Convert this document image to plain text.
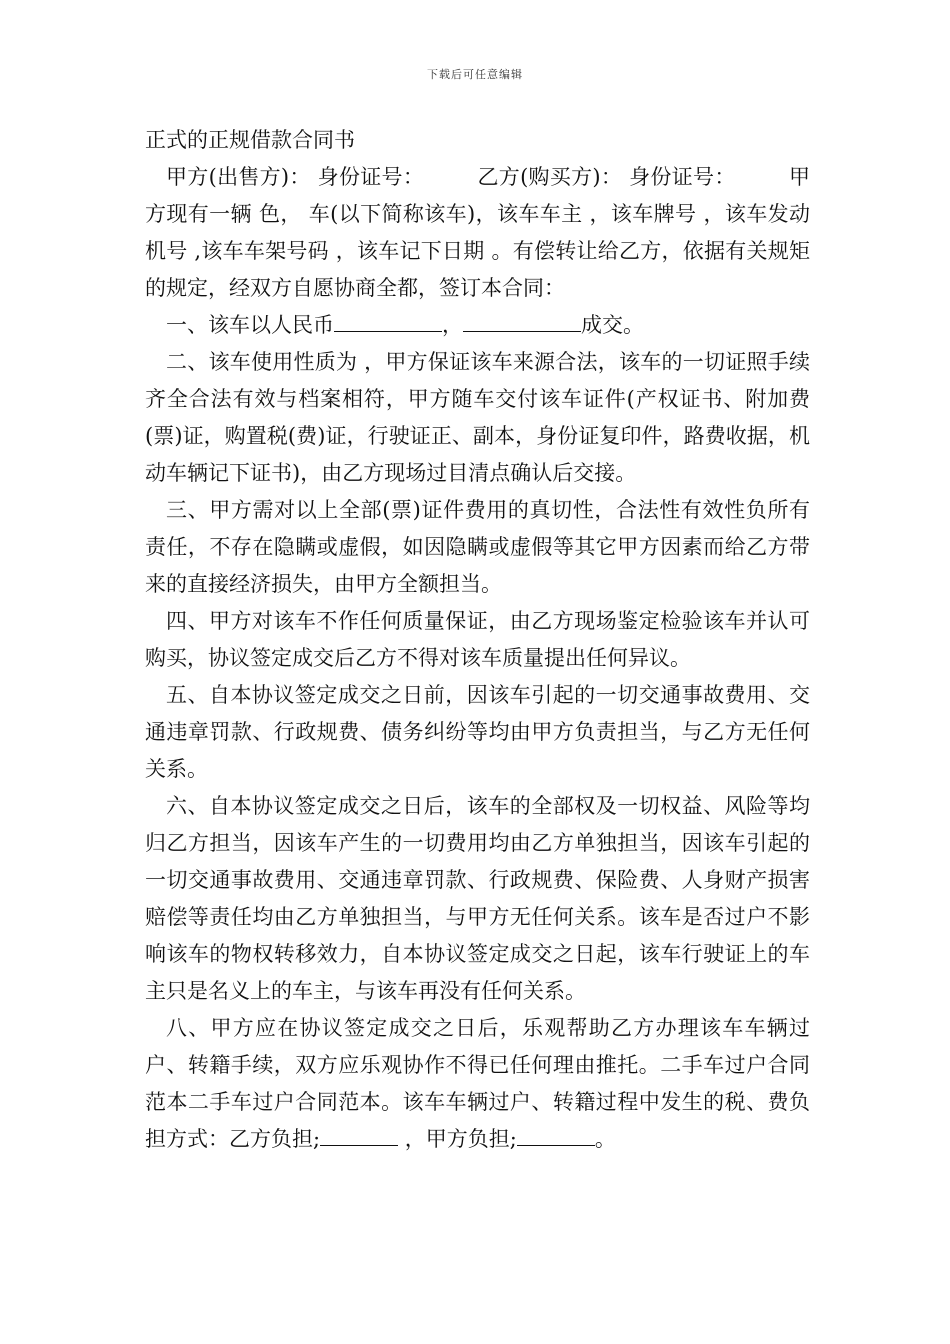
下载后可任意编辑

正式的正规借款合同书

甲方(出售方)： 身份证号：　　　乙方(购买方)： 身份证号：　　　甲方现有一辆 色， 车(以下简称该车)，该车车主 ，该车牌号 ，该车发动机号 ,该车车架号码 ，该车记下日期 。有偿转让给乙方，依据有关规矩的规定，经双方自愿协商全都，签订本合同：

一、该车以人民币	，	成交。

二、该车使用性质为 ，甲方保证该车来源合法，该车的一切证照手续齐全合法有效与档案相符，甲方随车交付该车证件(产权证书、附加费(票)证，购置税(费)证，行驶证正、副本，身份证复印件，路费收据，机动车辆记下证书)，由乙方现场过目清点确认后交接。

三、甲方需对以上全部(票)证件费用的真切性，合法性有效性负所有责任，不存在隐瞒或虚假，如因隐瞒或虚假等其它甲方因素而给乙方带来的直接经济损失，由甲方全额担当。

四、甲方对该车不作任何质量保证，由乙方现场鉴定检验该车并认可购买，协议签定成交后乙方不得对该车质量提出任何异议。

五、自本协议签定成交之日前，因该车引起的一切交通事故费用、交通违章罚款、行政规费、债务纠纷等均由甲方负责担当，与乙方无任何关系。

六、自本协议签定成交之日后，该车的全部权及一切权益、风险等均归乙方担当，因该车产生的一切费用均由乙方单独担当，因该车引起的一切交通事故费用、交通违章罚款、行政规费、保险费、人身财产损害赔偿等责任均由乙方单独担当，与甲方无任何关系。该车是否过户不影响该车的物权转移效力，自本协议签定成交之日起，该车行驶证上的车主只是名义上的车主，与该车再没有任何关系。

八、甲方应在协议签定成交之日后，乐观帮助乙方办理该车车辆过户、转籍手续，双方应乐观协作不得已任何理由推托。二手车过户合同范本二手车过户合同范本。该车车辆过户、转籍过程中发生的税、费负担方式：乙方负担;	，甲方负担;	。
